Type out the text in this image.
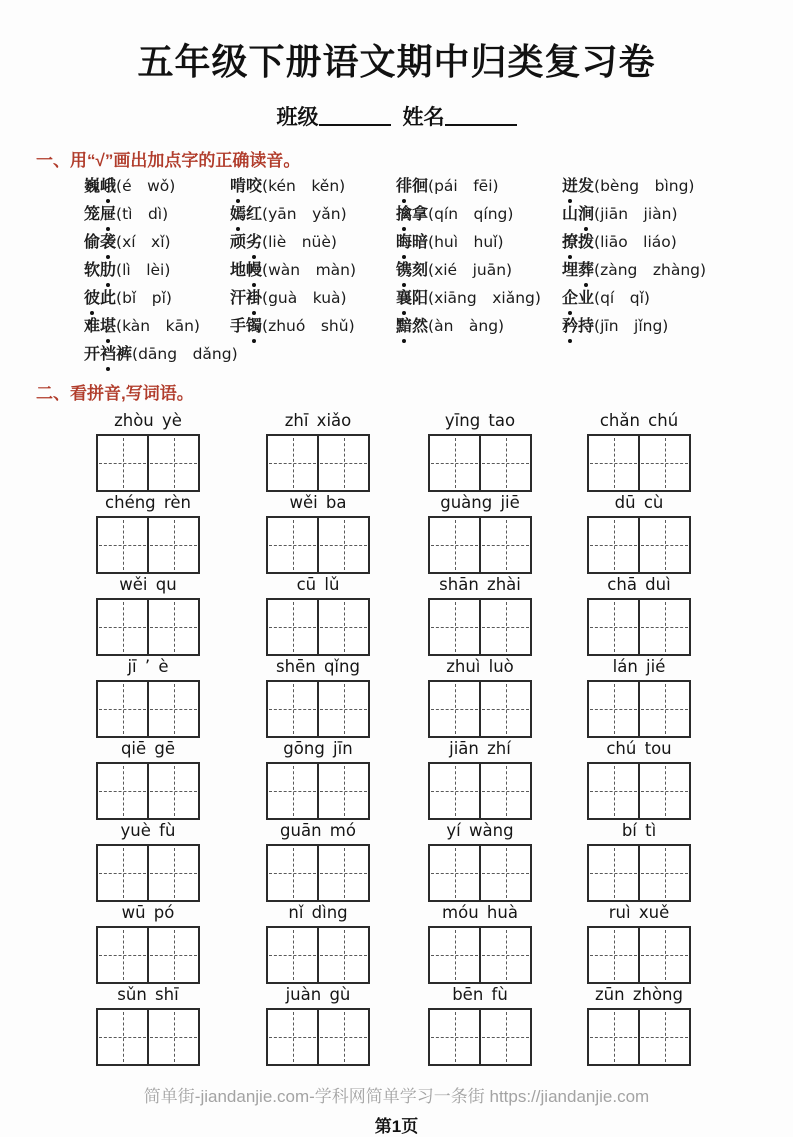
五年级下册语文期中归类复习卷
班级	姓名
一、用“√”画出加点字的正确读音。
巍峨(é  wǒ)	啃咬(kén  kěn)	徘徊(pái  fēi)	迸发(bèng  bìng)
笼屉(tì  dì)	嫣红(yān  yǎn)	擒拿(qín  qíng)	山涧(jiān  jiàn)
偷袭(xí  xǐ)	顽劣(liè  nüè)	晦暗(huì  huǐ)	撩拨(liāo  liáo)
软肋(lì  lèi)	地幔(wàn  màn)	镌刻(xié  juān)	埋葬(zàng  zhàng)
彼此(bǐ  pǐ)	汗褂(guà  kuà)	襄阳(xiāng  xiǎng)	企业(qí  qǐ)
难堪(kàn  kān)	手镯(zhuó  shǔ)	黯然(àn  àng)	矜持(jīn  jǐng)
开裆裤(dāng  dǎng)
二、看拼音,写词语。
zhòu yè	zhī xiǎo	yīng tao	chǎn chú
chéng rèn	wěi ba	guàng jiē	dū cù
wěi qu	cū lǔ	shān zhài	chā duì
jī ’ è	shēn qǐng	zhuì luò	lán jié
qiē gē	gōng jīn	jiān zhí	chú tou
yuè fù	guān mó	yí wàng	bí tì
wū pó	nǐ dìng	móu huà	ruì xuě
sǔn shī	juàn gù	bēn fù	zūn zhòng
简单街-jiandanjie.com-学科网简单学习一条街 https://jiandanjie.com
第1页
